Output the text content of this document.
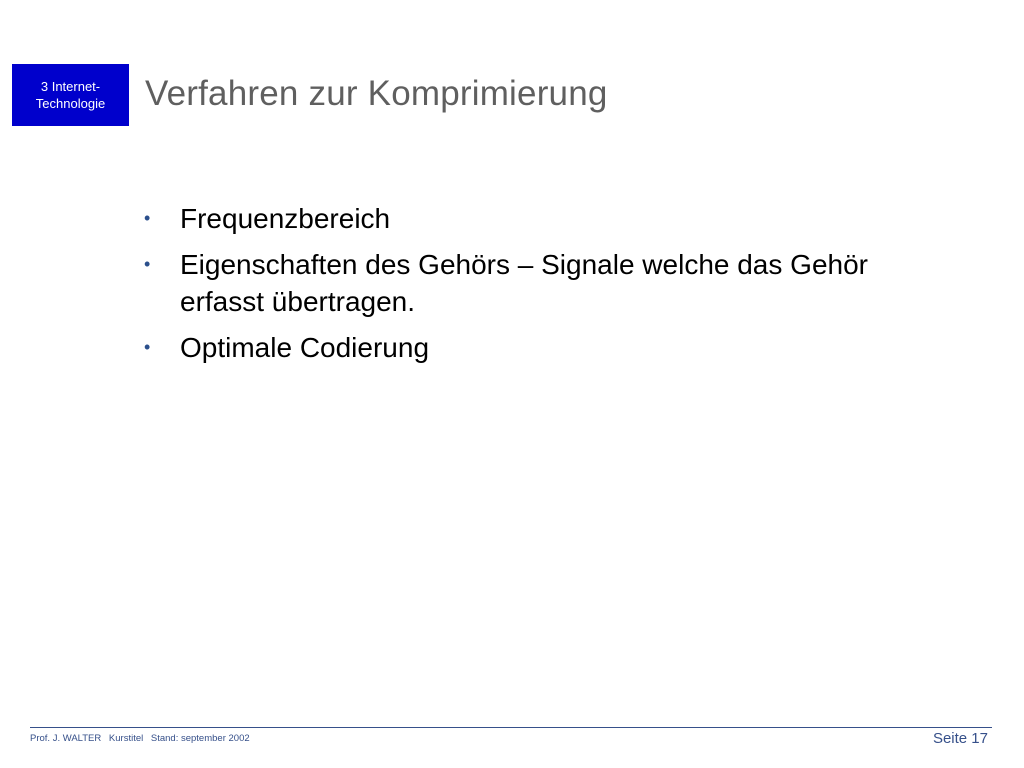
3 Internet-
Technologie Verfahren zur Komprimierung
• Frequenzbereich
• Eigenschaften des Gehörs – Signale welche das Gehör erfasst übertragen.
• Optimale Codierung
Prof. J. WALTER Kurstitel Stand: september 2002	Seite 17
